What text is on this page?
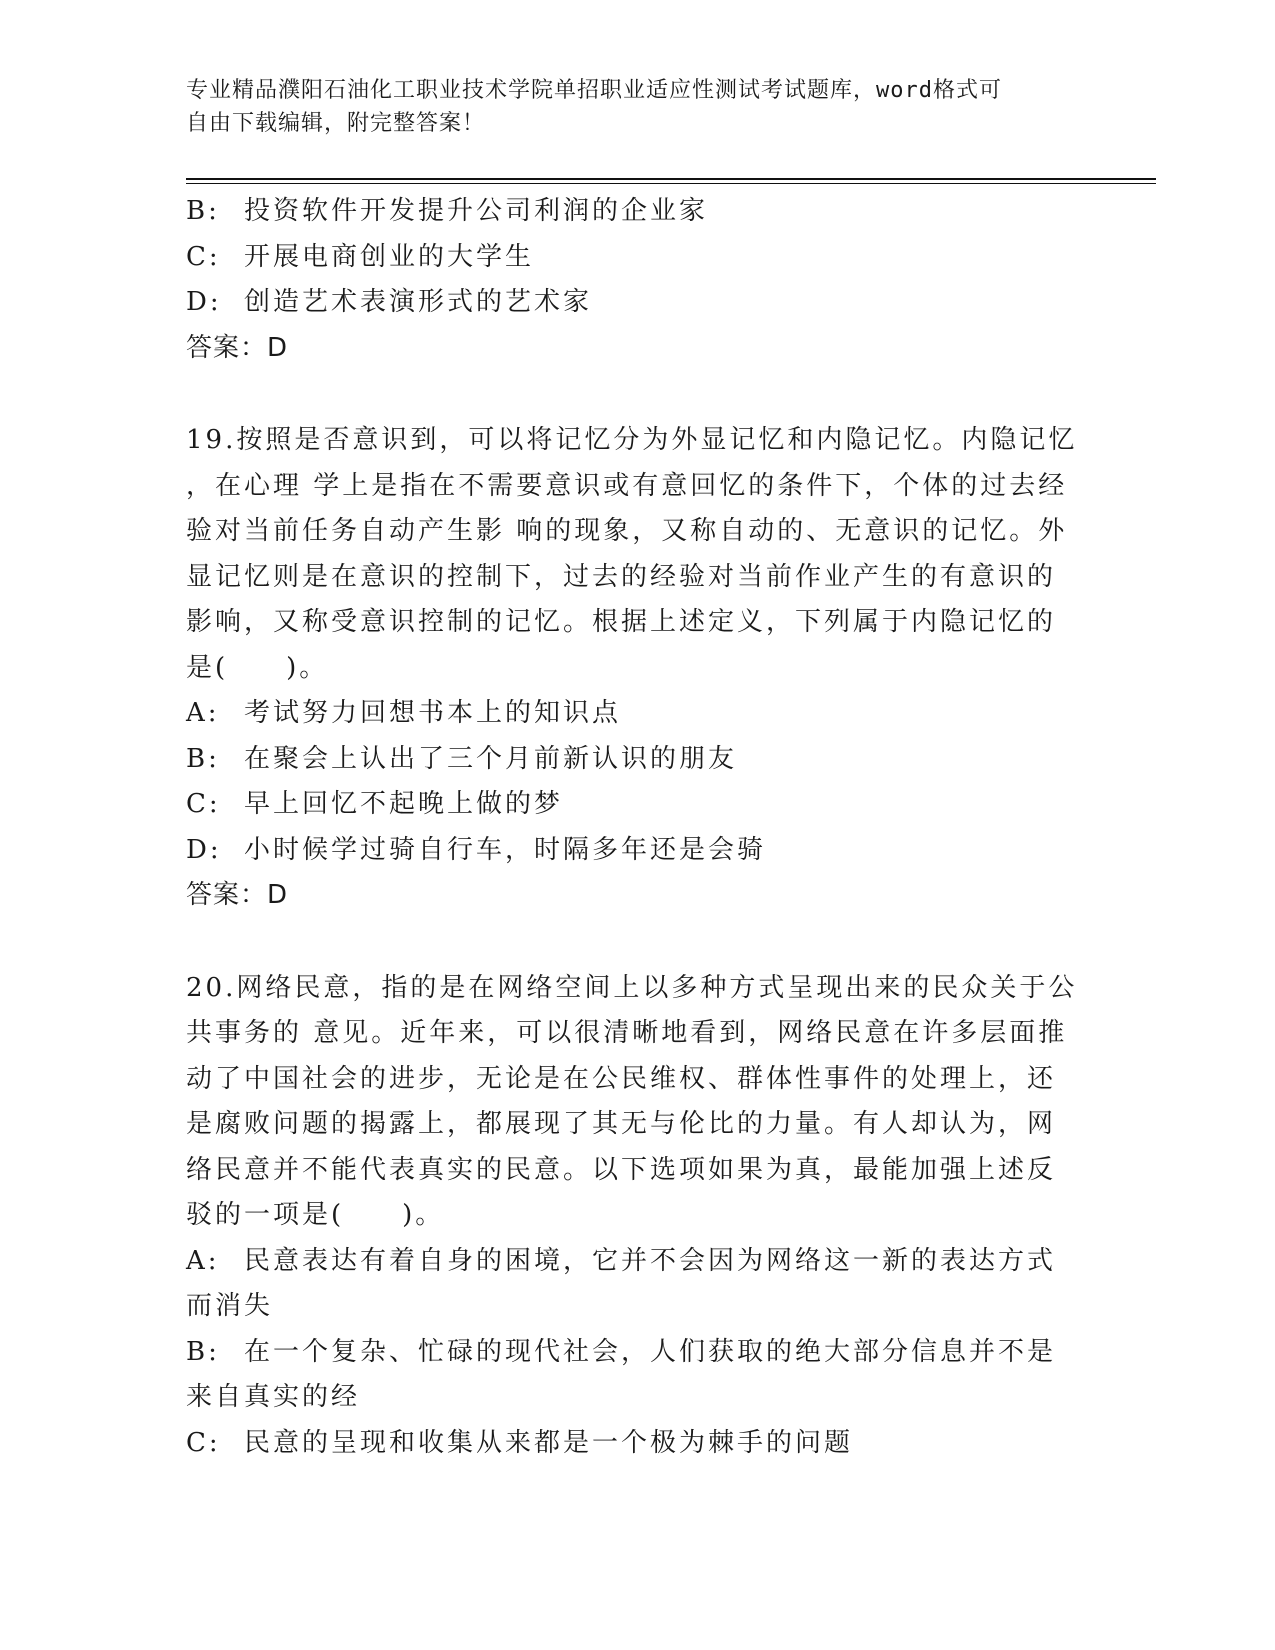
专业精品濮阳石油化工职业技术学院单招职业适应性测试考试题库，word格式可
自由下载编辑，附完整答案！
B: 投资软件开发提升公司利润的企业家
C: 开展电商创业的大学生
D: 创造艺术表演形式的艺术家
答案：D
19.按照是否意识到，可以将记忆分为外显记忆和内隐记忆。内隐记忆
，在心理 学上是指在不需要意识或有意回忆的条件下，个体的过去经
验对当前任务自动产生影 响的现象，又称自动的、无意识的记忆。外
显记忆则是在意识的控制下，过去的经验对当前作业产生的有意识的
影响，又称受意识控制的记忆。根据上述定义，下列属于内隐记忆的
是(　　)。
A: 考试努力回想书本上的知识点
B: 在聚会上认出了三个月前新认识的朋友
C: 早上回忆不起晚上做的梦
D: 小时候学过骑自行车，时隔多年还是会骑
答案：D
20.网络民意，指的是在网络空间上以多种方式呈现出来的民众关于公
共事务的 意见。近年来，可以很清晰地看到，网络民意在许多层面推
动了中国社会的进步，无论是在公民维权、群体性事件的处理上，还
是腐败问题的揭露上，都展现了其无与伦比的力量。有人却认为，网
络民意并不能代表真实的民意。以下选项如果为真，最能加强上述反
驳的一项是(　　)。
A: 民意表达有着自身的困境，它并不会因为网络这一新的表达方式
而消失
B: 在一个复杂、忙碌的现代社会，人们获取的绝大部分信息并不是
来自真实的经
C: 民意的呈现和收集从来都是一个极为棘手的问题
